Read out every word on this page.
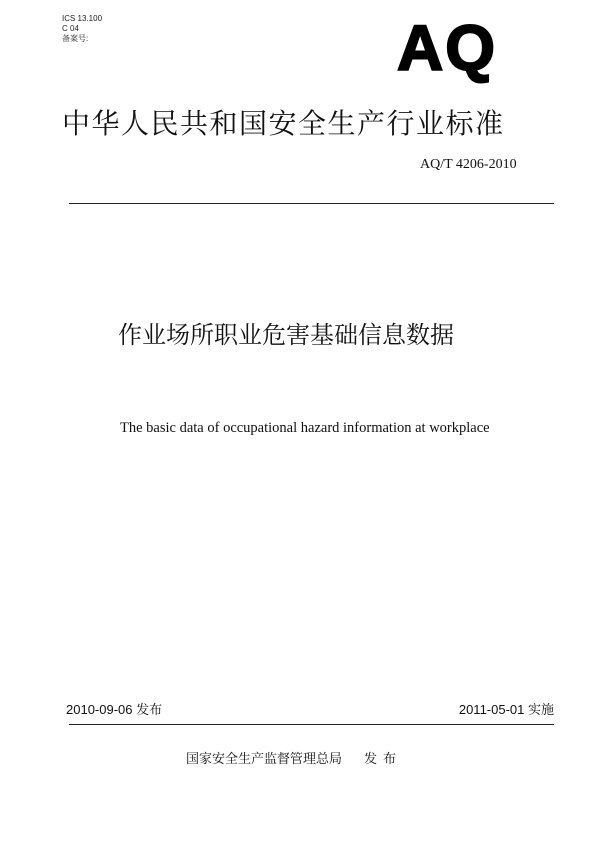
ICS 13.100
C 04
备案号:	AQ
中华人民共和国安全生产行业标准
AQ/T 4206-2010
作业场所职业危害基础信息数据
The basic data of occupational hazard information at workplace
2010-09-06 发布	2011-05-01 实施
国家安全生产监督管理总局 发布
